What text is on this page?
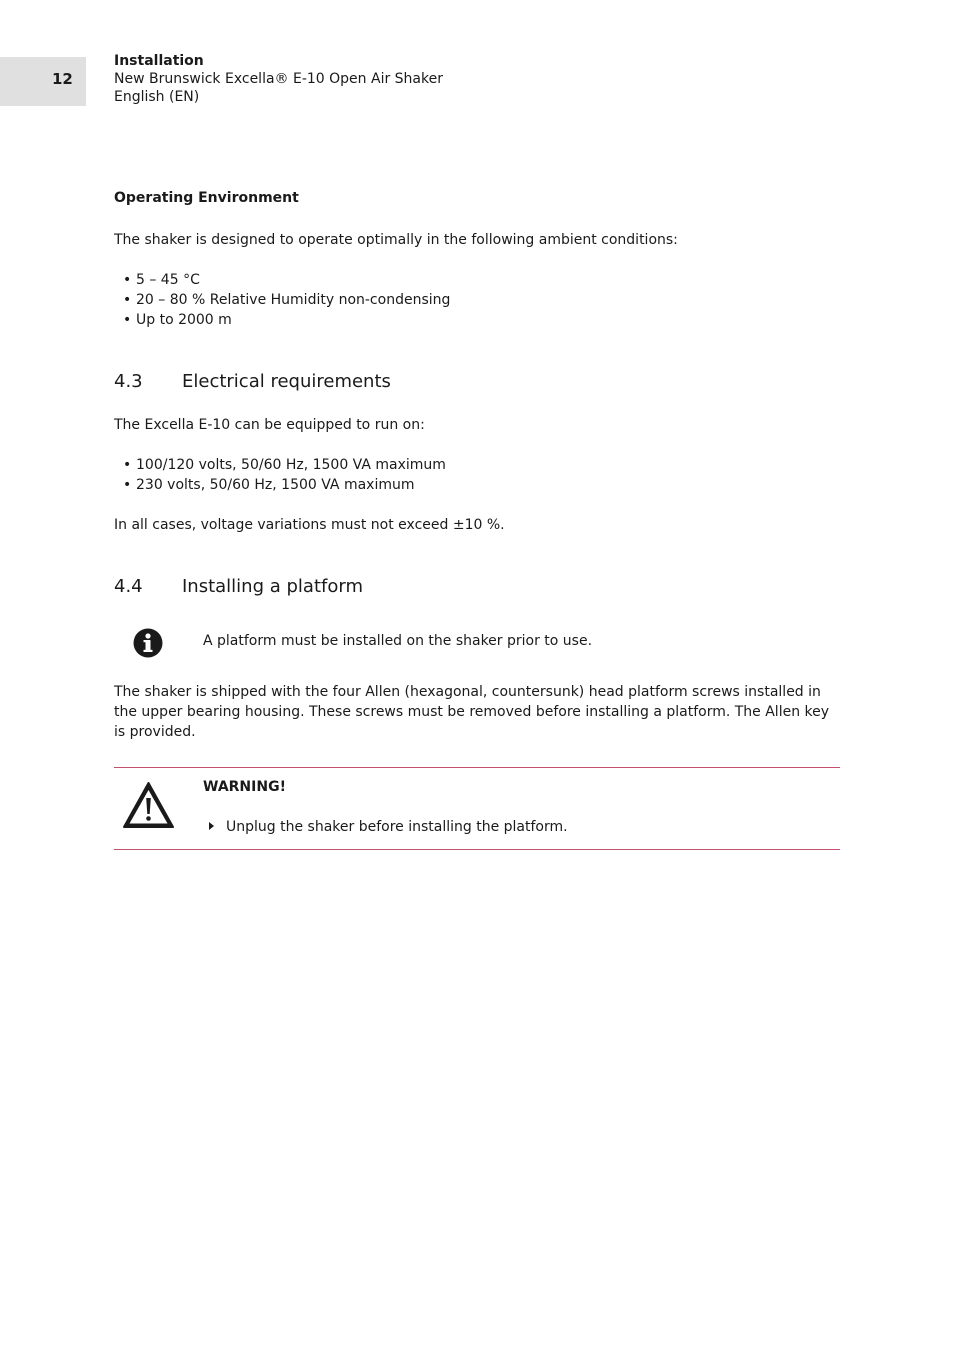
12
Installation
New Brunswick Excella® E-10 Open Air Shaker
English (EN)
Operating Environment
The shaker is designed to operate optimally in the following ambient conditions:
• 5 – 45 °C
• 20 – 80 % Relative Humidity non-condensing
• Up to 2000 m
4.3 Electrical requirements
The Excella E-10 can be equipped to run on:
• 100/120 volts, 50/60 Hz, 1500 VA maximum
• 230 volts, 50/60 Hz, 1500 VA maximum
In all cases, voltage variations must not exceed ±10 %.
4.4 Installing a platform
A platform must be installed on the shaker prior to use.
The shaker is shipped with the four Allen (hexagonal, countersunk) head platform screws installed in the upper bearing housing. These screws must be removed before installing a platform. The Allen key is provided.
WARNING!
Unplug the shaker before installing the platform.
